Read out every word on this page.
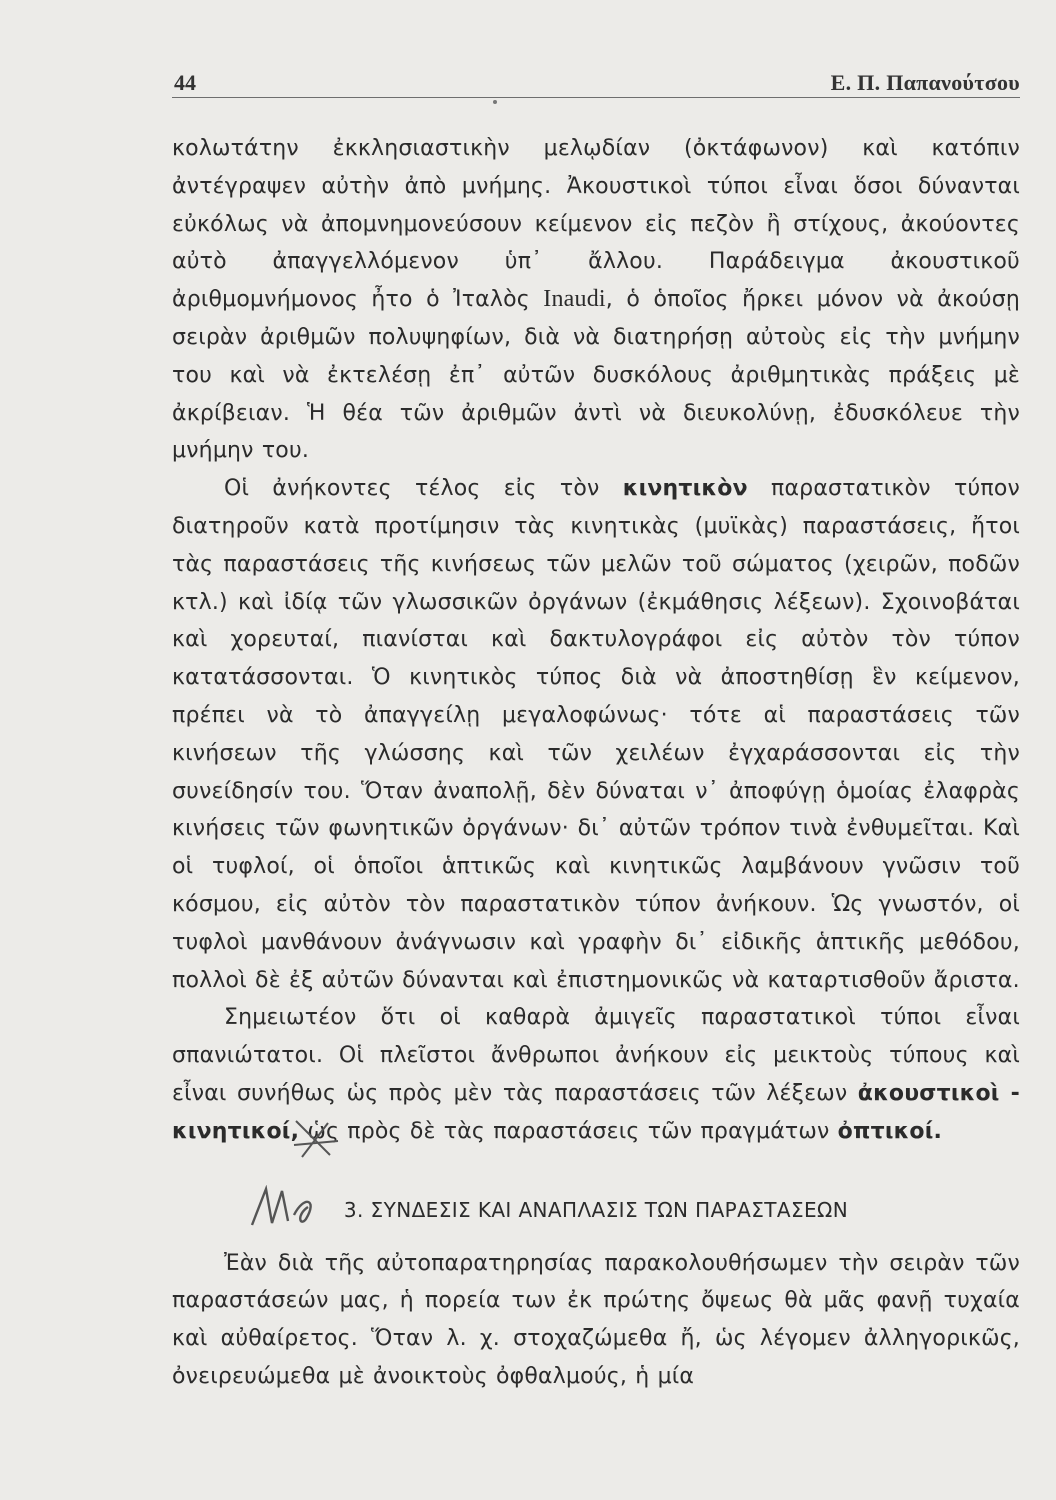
44	Ε. Π. Παπανούτσου

κολωτάτην ἐκκλησιαστικὴν μελῳδίαν (ὀκτάφωνον) καὶ κατόπιν ἀντέγραψεν αὐτὴν ἀπὸ μνήμης. Ἀκουστικοὶ τύποι εἶναι ὅσοι δύνανται εὐκόλως νὰ ἀπομνημονεύσουν κείμενον εἰς πεζὸν ἢ στίχους, ἀκούοντες αὐτὸ ἀπαγγελλόμενον ὑπ᾽ ἄλλου. Παράδειγμα ἀκουστικοῦ ἀριθμομνήμονος ἦτο ὁ Ἰταλὸς Inaudi, ὁ ὁποῖος ἤρκει μόνον νὰ ἀκούσῃ σειρὰν ἀριθμῶν πολυψηφίων, διὰ νὰ διατηρήσῃ αὐτοὺς εἰς τὴν μνήμην του καὶ νὰ ἐκτελέσῃ ἐπ᾽ αὐτῶν δυσκόλους ἀριθμητικὰς πράξεις μὲ ἀκρίβειαν. Ἡ θέα τῶν ἀριθμῶν ἀντὶ νὰ διευκολύνῃ, ἐδυσκόλευε τὴν μνήμην του.

Οἱ ἀνήκοντες τέλος εἰς τὸν κινητικὸν παραστατικὸν τύπον διατηροῦν κατὰ προτίμησιν τὰς κινητικὰς (μυϊκὰς) παραστάσεις, ἤτοι τὰς παραστάσεις τῆς κινήσεως τῶν μελῶν τοῦ σώματος (χειρῶν, ποδῶν κτλ.) καὶ ἰδίᾳ τῶν γλωσσικῶν ὀργάνων (ἐκμάθησις λέξεων). Σχοινοβάται καὶ χορευταί, πιανίσται καὶ δακτυλογράφοι εἰς αὐτὸν τὸν τύπον κατατάσσονται. Ὁ κινητικὸς τύπος διὰ νὰ ἀποστηθίσῃ ἓν κείμενον, πρέπει νὰ τὸ ἀπαγγείλῃ μεγαλοφώνως· τότε αἱ παραστάσεις τῶν κινήσεων τῆς γλώσσης καὶ τῶν χειλέων ἐγχαράσσονται εἰς τὴν συνείδησίν του. Ὅταν ἀναπολῇ, δὲν δύναται ν᾽ ἀποφύγῃ ὁμοίας ἐλαφρὰς κινήσεις τῶν φωνητικῶν ὀργάνων· δι᾽ αὐτῶν τρόπον τινὰ ἐνθυμεῖται. Καὶ οἱ τυφλοί, οἱ ὁποῖοι ἁπτικῶς καὶ κινητικῶς λαμβάνουν γνῶσιν τοῦ κόσμου, εἰς αὐτὸν τὸν παραστατικὸν τύπον ἀνήκουν. Ὡς γνωστόν, οἱ τυφλοὶ μανθάνουν ἀνάγνωσιν καὶ γραφὴν δι᾽ εἰδικῆς ἁπτικῆς μεθόδου, πολλοὶ δὲ ἐξ αὐτῶν δύνανται καὶ ἐπιστημονικῶς νὰ καταρτισθοῦν ἄριστα.

Σημειωτέον ὅτι οἱ καθαρὰ ἀμιγεῖς παραστατικοὶ τύποι εἶναι σπανιώτατοι. Οἱ πλεῖστοι ἄνθρωποι ἀνήκουν εἰς μεικτοὺς τύπους καὶ εἶναι συνήθως ὡς πρὸς μὲν τὰς παραστάσεις τῶν λέξεων ἀκουστικοὶ - κινητικοί, ὡς πρὸς δὲ τὰς παραστάσεις τῶν πραγμάτων ὀπτικοί.

3. ΣΥΝΔΕΣΙΣ ΚΑΙ ΑΝΑΠΛΑΣΙΣ ΤΩΝ ΠΑΡΑΣΤΑΣΕΩΝ

Ἐὰν διὰ τῆς αὐτοπαρατηρησίας παρακολουθήσωμεν τὴν σειρὰν τῶν παραστάσεών μας, ἡ πορεία των ἐκ πρώτης ὄψεως θὰ μᾶς φανῇ τυχαία καὶ αὐθαίρετος. Ὅταν λ. χ. στοχαζώμεθα ἤ, ὡς λέγομεν ἀλληγορικῶς, ὀνειρευώμεθα μὲ ἀνοικτοὺς ὀφθαλμούς, ἡ μία
